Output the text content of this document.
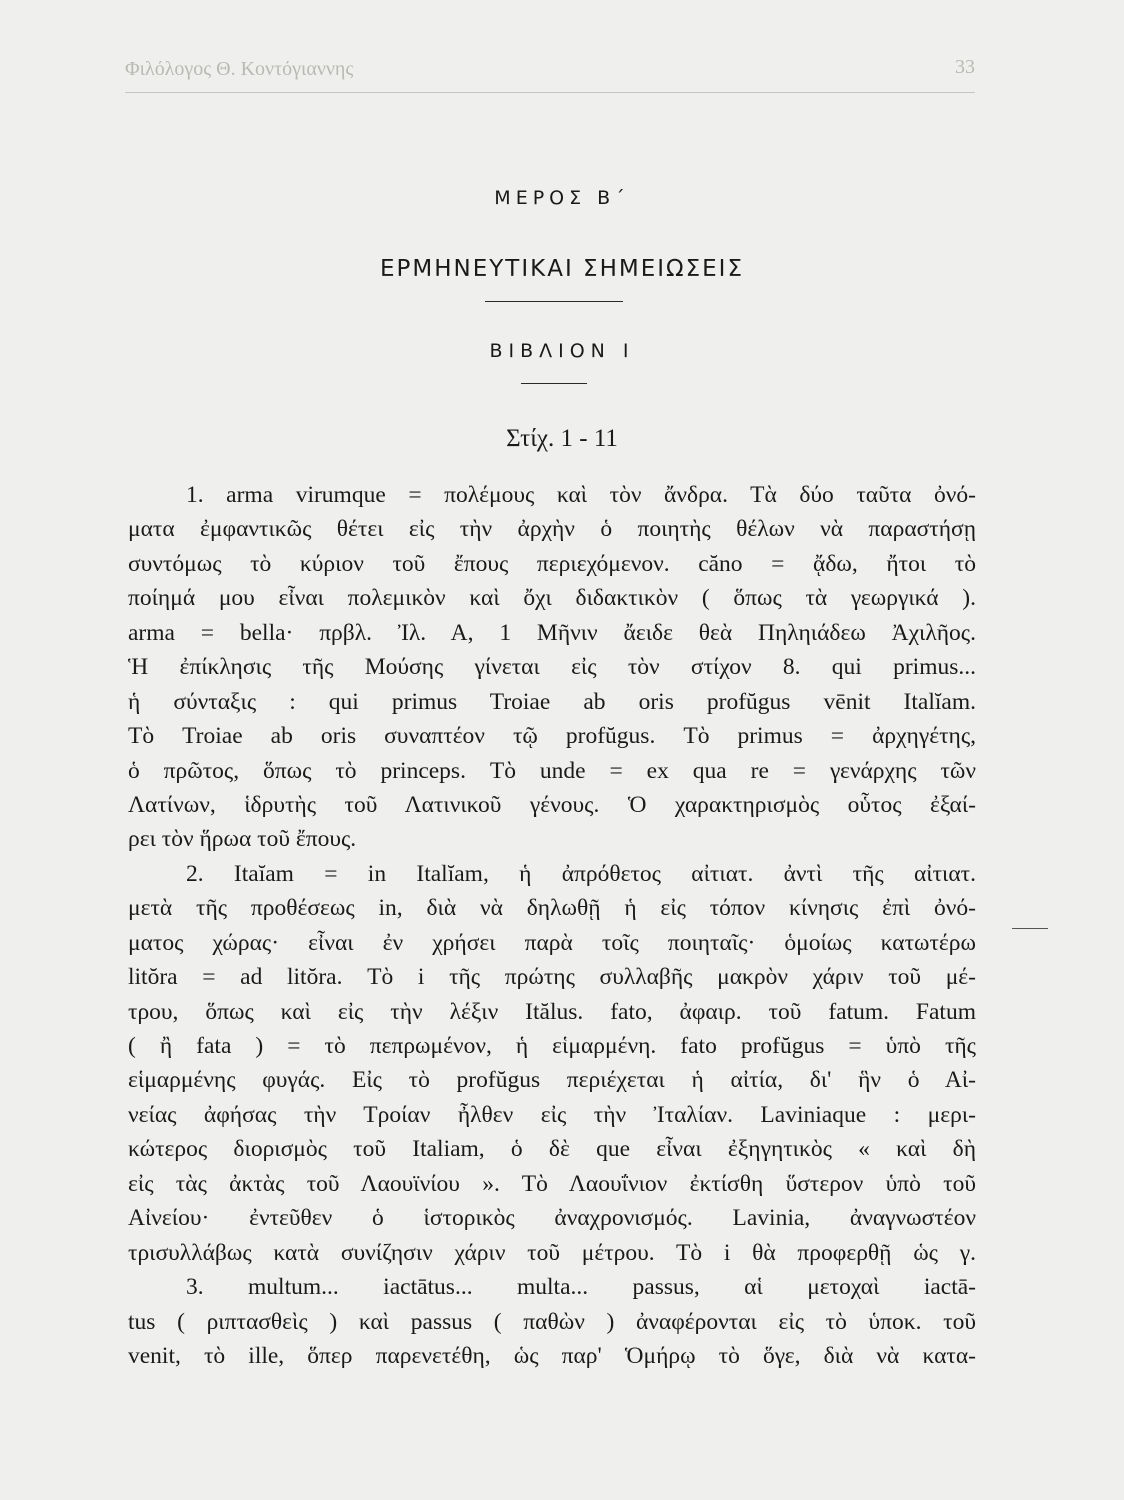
Φιλόλογος Θ. Κοντόγιαννης	33
ΜΕΡΟΣ Β΄
ΕΡΜΗΝΕΥΤΙΚΑΙ ΣΗΜΕΙΩΣΕΙΣ
ΒΙΒΛΙΟΝ Ι
Στίχ. 1 - 11
1. arma virumque = πολέμους καὶ τὸν ἄνδρα. Τὰ δύο ταῦτα ὀνό-
ματα ἐμφαντικῶς θέτει εἰς τὴν ἀρχὴν ὁ ποιητὴς θέλων νὰ παραστήσῃ
συντόμως τὸ κύριον τοῦ ἔπους περιεχόμενον. căno = ᾄδω, ἤτοι τὸ
ποίημά μου εἶναι πολεμικὸν καὶ ὄχι διδακτικὸν ( ὅπως τὰ γεωργικά ).
arma = bella· πρβλ. Ἰλ. Α, 1 Μῆνιν ἄειδε θεὰ Πηληιάδεω Ἀχιλῆος.
Ἡ ἐπίκλησις τῆς Μούσης γίνεται εἰς τὸν στίχον 8. qui primus...
ἡ σύνταξις : qui primus Troiae ab oris profŭgus vēnit Italĭam.
Τὸ Troiae ab oris συναπτέον τῷ profŭgus. Τὸ primus = ἀρχηγέτης,
ὁ πρῶτος, ὅπως τὸ princeps. Τὸ unde = ex qua re = γενάρχης τῶν
Λατίνων, ἱδρυτὴς τοῦ Λατινικοῦ γένους. Ὁ χαρακτηρισμὸς οὗτος ἐξαί-
ρει τὸν ἥρωα τοῦ ἔπους.
2. Itaĭam = in Italĭam, ἡ ἀπρόθετος αἰτιατ. ἀντὶ τῆς αἰτιατ.
μετὰ τῆς προθέσεως in, διὰ νὰ δηλωθῇ ἡ εἰς τόπον κίνησις ἐπὶ ὀνό-
ματος χώρας· εἶναι ἐν χρήσει παρὰ τοῖς ποιηταῖς· ὁμοίως κατωτέρω
litŏra = ad litŏra. Τὸ i τῆς πρώτης συλλαβῆς μακρὸν χάριν τοῦ μέ-
τρου, ὅπως καὶ εἰς τὴν λέξιν Itălus. fato, ἀφαιρ. τοῦ fatum. Fatum
( ἢ fata ) = τὸ πεπρωμένον, ἡ εἱμαρμένη. fato profŭgus = ὑπὸ τῆς
εἱμαρμένης φυγάς. Εἰς τὸ profŭgus περιέχεται ἡ αἰτία, δι' ἣν ὁ Αἰ-
νείας ἀφήσας τὴν Τροίαν ἦλθεν εἰς τὴν Ἰταλίαν. Laviniaque : μερι-
κώτερος διορισμὸς τοῦ Italiam, ὁ δὲ que εἶναι ἐξηγητικὸς « καὶ δὴ
εἰς τὰς ἀκτὰς τοῦ Λαουϊνίου ». Τὸ Λαουΐνιον ἐκτίσθη ὕστερον ὑπὸ τοῦ
Αἰνείου· ἐντεῦθεν ὁ ἱστορικὸς ἀναχρονισμός. Lavinia, ἀναγνωστέον
τρισυλλάβως κατὰ συνίζησιν χάριν τοῦ μέτρου. Τὸ i θὰ προφερθῇ ὡς γ.
3. multum... iactātus... multa... passus, αἱ μετοχαὶ iactā-
tus ( ριπτασθεὶς ) καὶ passus ( παθὼν ) ἀναφέρονται εἰς τὸ ὑποκ. τοῦ
venit, τὸ ille, ὅπερ παρενετέθη, ὡς παρ' Ὁμήρῳ τὸ ὅγε, διὰ νὰ κατα-
